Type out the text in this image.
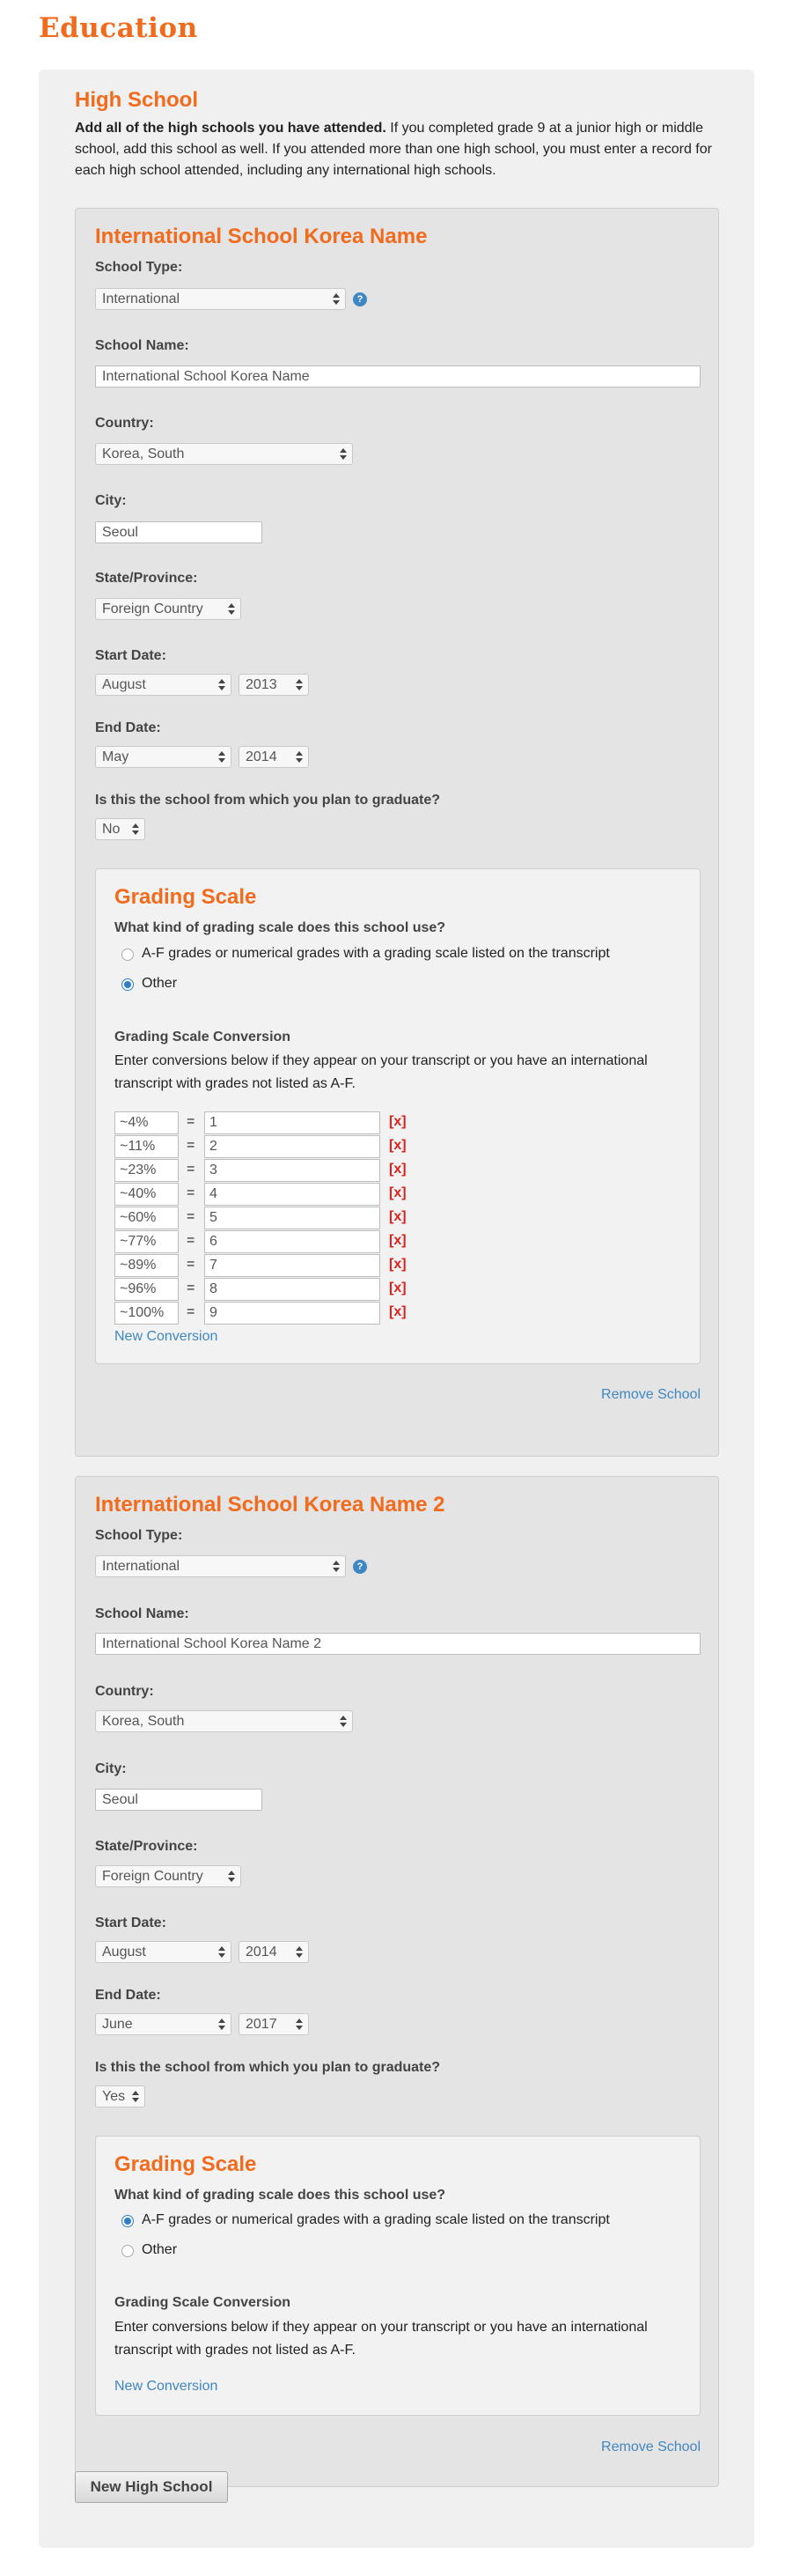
Education
High School

Add all of the high schools you have attended. If you completed grade 9 at a junior high or middle school, add this school as well. If you attended more than one high school, you must enter a record for each high school attended, including any international high schools.

International School Korea Name
School Type:
International	?
School Name:
International School Korea Name
Country:
Korea, South
City:
Seoul
State/Province:
Foreign Country
Start Date:
August	2013
End Date:
May	2014
Is this the school from which you plan to graduate?
No
Grading Scale
What kind of grading scale does this school use?
A-F grades or numerical grades with a grading scale listed on the transcript
Other
Grading Scale Conversion

Enter conversions below if they appear on your transcript or you have an international transcript with grades not listed as A-F.

~4%	=	1	[x]
~11%	=	2	[x]
~23%	=	3	[x]
~40%	=	4	[x]
~60%	=	5	[x]
~77%	=	6	[x]
~89%	=	7	[x]
~96%	=	8	[x]
~100%	=	9	[x]
New Conversion
Remove School
International School Korea Name 2
School Type:
International	?
School Name:
International School Korea Name 2
Country:
Korea, South
City:
Seoul
State/Province:
Foreign Country
Start Date:
August	2014
End Date:
June	2017
Is this the school from which you plan to graduate?
Yes
Grading Scale
What kind of grading scale does this school use?
A-F grades or numerical grades with a grading scale listed on the transcript
Other
Grading Scale Conversion

Enter conversions below if they appear on your transcript or you have an international transcript with grades not listed as A-F.

New Conversion
Remove School
New High School
